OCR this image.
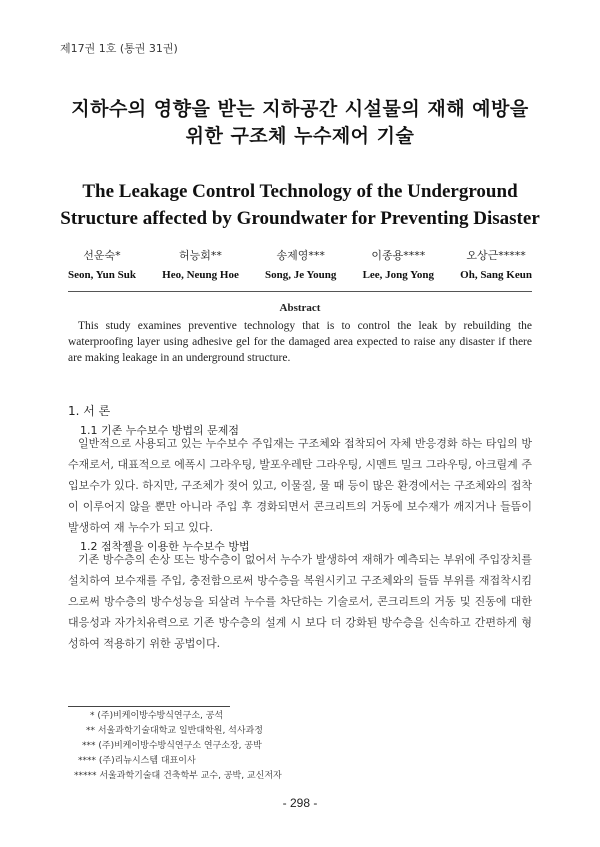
제17권 1호 (통권 31권)
지하수의 영향을 받는 지하공간 시설물의 재해 예방을
위한 구조체 누수제어 기술
The Leakage Control Technology of the Underground
Structure affected by Groundwater for Preventing Disaster
선운숙*
Seon, Yun Suk
허능회**
Heo, Neung Hoe
송제영***
Song, Je Young
이종용****
Lee, Jong Yong
오상근*****
Oh, Sang Keun
Abstract
This study examines preventive technology that is to control the leak by rebuilding the waterproofing layer using adhesive gel for the damaged area expected to raise any disaster if there are making leakage in an underground structure.
1. 서 론
1.1 기존 누수보수 방법의 문제점
일반적으로 사용되고 있는 누수보수 주입재는 구조체와 접착되어 자체 반응경화 하는 타입의 방수재로서, 대표적으로 에폭시 그라우팅, 발포우레탄 그라우팅, 시멘트 밀크 그라우팅, 아크릴계 주입보수가 있다. 하지만, 구조체가 젖어 있고, 이물질, 물 때 등이 많은 환경에서는 구조체와의 접착이 이루어지 않을 뿐만 아니라 주입 후 경화되면서 콘크리트의 거동에 보수재가 깨지거나 들뜸이 발생하여 재 누수가 되고 있다.
1.2 점착젤을 이용한 누수보수 방법
기존 방수층의 손상 또는 방수층이 없어서 누수가 발생하여 재해가 예측되는 부위에 주입장치를 설치하여 보수재를 주입, 충전함으로써 방수층을 복원시키고 구조체와의 들뜸 부위를 재접착시킴으로써 방수층의 방수성능을 되살려 누수를 차단하는 기술로서, 콘크리트의 거동 및 진동에 대한 대응성과 자가치유력으로 기존 방수층의 설계 시 보다 더 강화된 방수층을 신속하고 간편하게 형성하여 적용하기 위한 공법이다.
* (주)비케이방수방식연구소, 공석
** 서울과학기술대학교 일반대학원, 석사과정
*** (주)비케이방수방식연구소 연구소장, 공박
**** (주)리뉴시스템 대표이사
***** 서울과학기술대 건축학부 교수, 공박, 교신저자
- 298 -
